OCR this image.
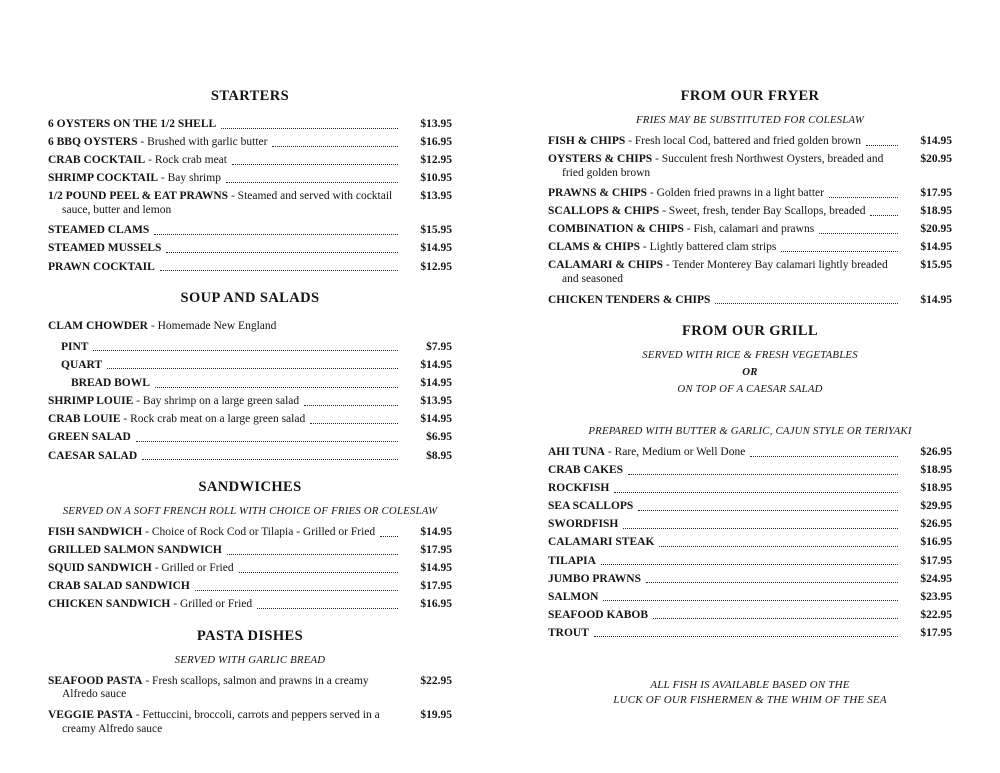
STARTERS
6 OYSTERS ON THE 1/2 SHELL	$13.95
6 BBQ OYSTERS - Brushed with garlic butter	$16.95
CRAB COCKTAIL - Rock crab meat	$12.95
SHRIMP COCKTAIL - Bay shrimp	$10.95
1/2 POUND PEEL & EAT PRAWNS - Steamed and served with cocktail sauce, butter and lemon
$13.95
STEAMED CLAMS	$15.95
STEAMED MUSSELS	$14.95
PRAWN COCKTAIL	$12.95
SOUP AND SALADS
CLAM CHOWDER - Homemade New England
PINT	$7.95
QUART	$14.95
BREAD BOWL	$14.95
SHRIMP LOUIE - Bay shrimp on a large green salad	$13.95
CRAB LOUIE - Rock crab meat on a large green salad	$14.95
GREEN SALAD	$6.95
CAESAR SALAD	$8.95
SANDWICHES
SERVED ON A SOFT FRENCH ROLL WITH CHOICE OF FRIES OR COLESLAW
FISH SANDWICH - Choice of Rock Cod or Tilapia - Grilled or Fried	$14.95
GRILLED SALMON SANDWICH	$17.95
SQUID SANDWICH - Grilled or Fried	$14.95
CRAB SALAD SANDWICH	$17.95
CHICKEN SANDWICH - Grilled or Fried	$16.95
PASTA DISHES
SERVED WITH GARLIC BREAD
SEAFOOD PASTA - Fresh scallops, salmon and prawns in a creamy Alfredo sauce
$22.95
VEGGIE PASTA - Fettuccini, broccoli, carrots and peppers served in a creamy Alfredo sauce
$19.95
FROM OUR FRYER
FRIES MAY BE SUBSTITUTED FOR COLESLAW
FISH & CHIPS - Fresh local Cod, battered and fried golden brown	$14.95
OYSTERS & CHIPS - Succulent fresh Northwest Oysters, breaded and fried golden brown
$20.95
PRAWNS & CHIPS - Golden fried prawns in a light batter	$17.95
SCALLOPS & CHIPS - Sweet, fresh, tender Bay Scallops, breaded	$18.95
COMBINATION & CHIPS - Fish, calamari and prawns	$20.95
CLAMS & CHIPS - Lightly battered clam strips	$14.95
CALAMARI & CHIPS - Tender Monterey Bay calamari lightly breaded and seasoned
$15.95
CHICKEN TENDERS & CHIPS	$14.95
FROM OUR GRILL
SERVED WITH RICE & FRESH VEGETABLES
OR
ON TOP OF A CAESAR SALAD
PREPARED WITH BUTTER & GARLIC, CAJUN STYLE OR TERIYAKI
AHI TUNA - Rare, Medium or Well Done	$26.95
CRAB CAKES	$18.95
ROCKFISH	$18.95
SEA SCALLOPS	$29.95
SWORDFISH	$26.95
CALAMARI STEAK	$16.95
TILAPIA	$17.95
JUMBO PRAWNS	$24.95
SALMON	$23.95
SEAFOOD KABOB	$22.95
TROUT	$17.95
ALL FISH IS AVAILABLE BASED ON THE
LUCK OF OUR FISHERMEN & THE WHIM OF THE SEA
